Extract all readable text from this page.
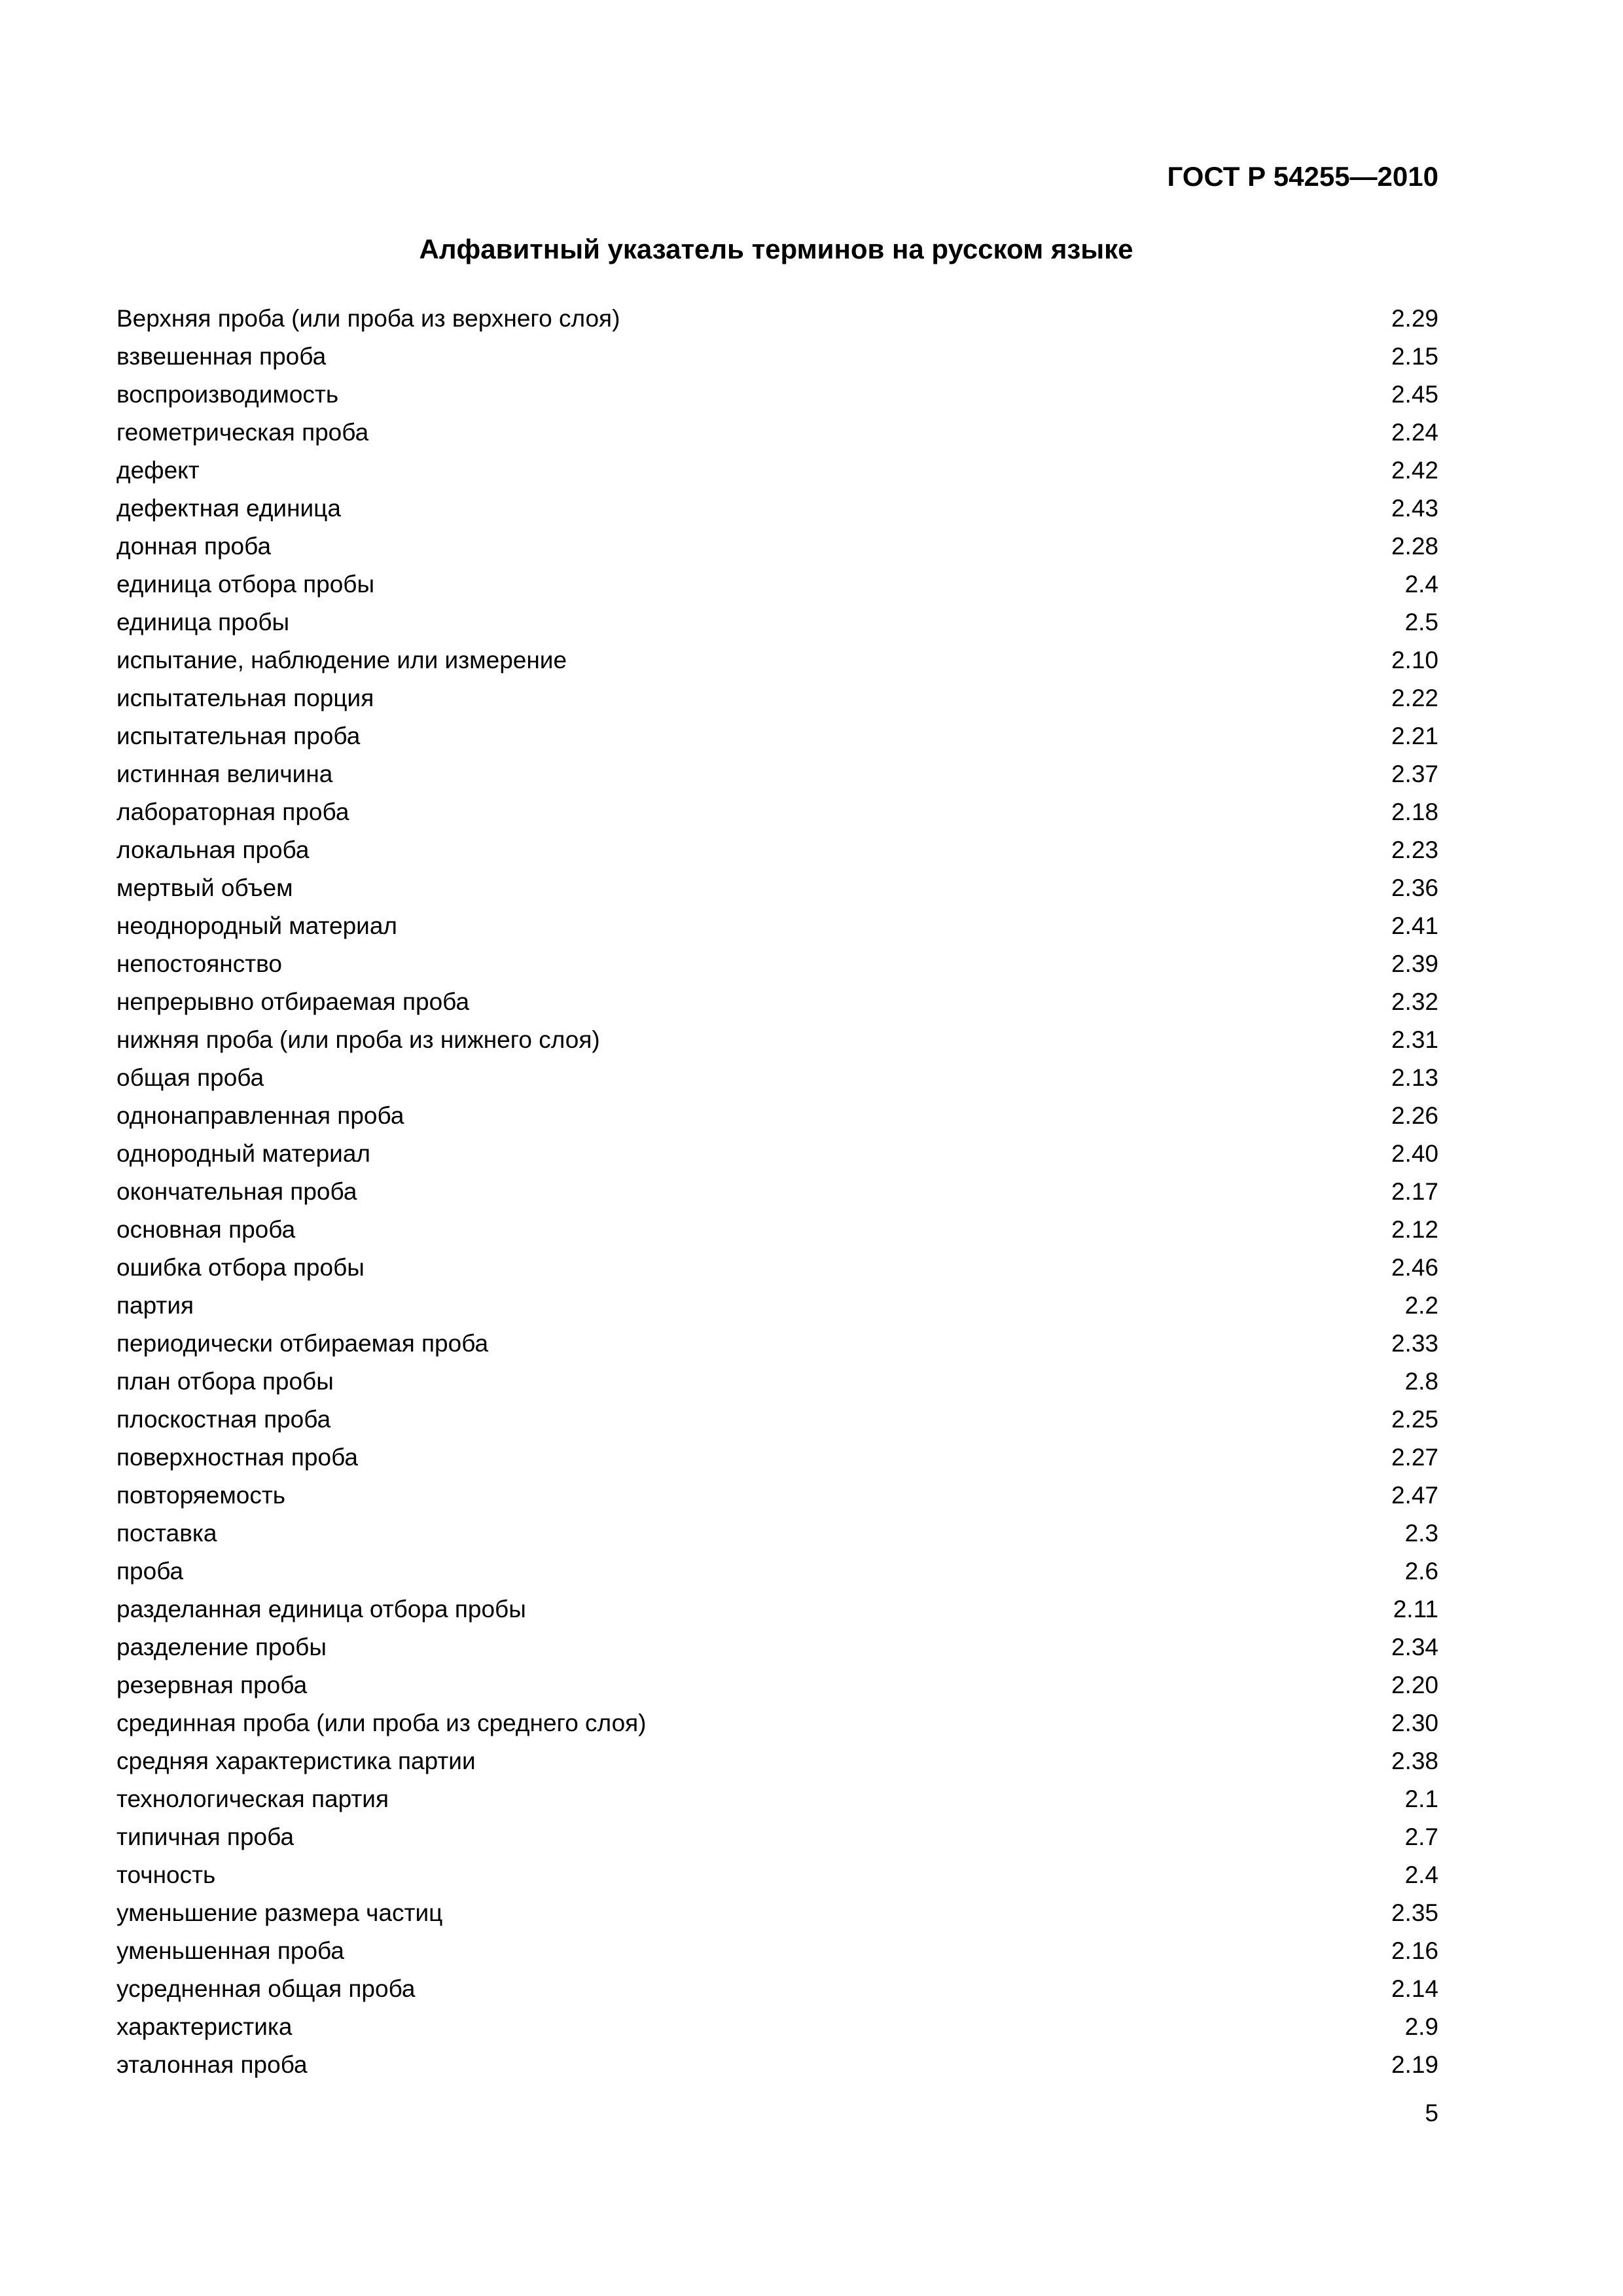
ГОСТ Р 54255—2010
Алфавитный указатель терминов на русском языке
Верхняя проба (или проба из верхнего слоя)	2.29
взвешенная проба	2.15
воспроизводимость	2.45
геометрическая проба	2.24
дефект	2.42
дефектная единица	2.43
донная проба	2.28
единица отбора пробы	2.4
единица пробы	2.5
испытание, наблюдение или измерение	2.10
испытательная порция	2.22
испытательная проба	2.21
истинная величина	2.37
лабораторная проба	2.18
локальная проба	2.23
мертвый объем	2.36
неоднородный материал	2.41
непостоянство	2.39
непрерывно отбираемая проба	2.32
нижняя проба (или проба из нижнего слоя)	2.31
общая проба	2.13
однонаправленная проба	2.26
однородный материал	2.40
окончательная проба	2.17
основная проба	2.12
ошибка отбора пробы	2.46
партия	2.2
периодически отбираемая проба	2.33
план отбора пробы	2.8
плоскостная проба	2.25
поверхностная проба	2.27
повторяемость	2.47
поставка	2.3
проба	2.6
разделанная единица отбора пробы	2.11
разделение пробы	2.34
резервная проба	2.20
срединная проба (или проба из среднего слоя)	2.30
средняя характеристика партии	2.38
технологическая партия	2.1
типичная проба	2.7
точность	2.4
уменьшение размера частиц	2.35
уменьшенная проба	2.16
усредненная общая проба	2.14
характеристика	2.9
эталонная проба	2.19
5
